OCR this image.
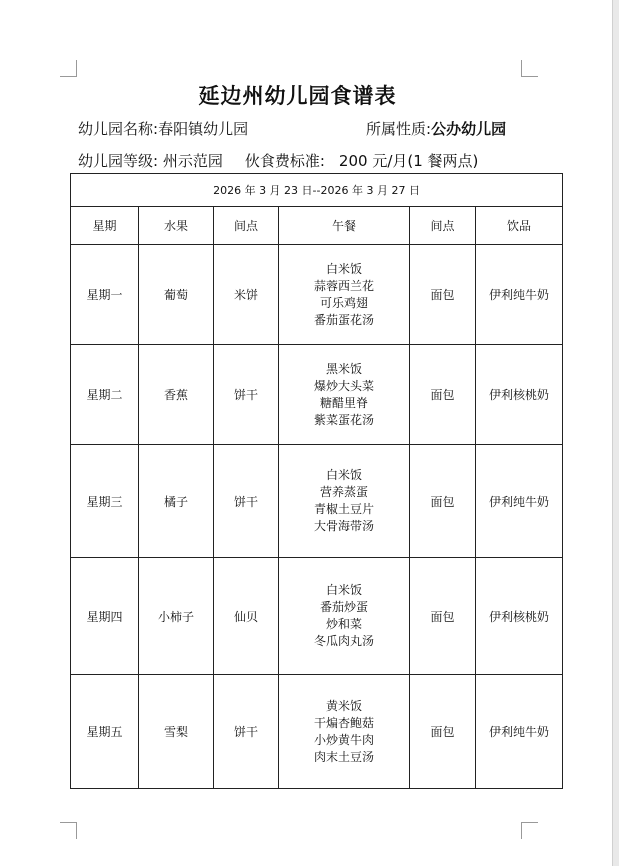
延边州幼儿园食谱表
幼儿园名称:春阳镇幼儿园	所属性质:公办幼儿园
幼儿园等级: 州示范园 伙食费标准: 200 元/月(1 餐两点)
2026 年 3 月 23 日--2026 年 3 月 27 日					
星期	水果	间点	午餐	间点	饮品
星期一	葡萄	米饼	白米饭
蒜蓉西兰花
可乐鸡翅
番茄蛋花汤	面包	伊利纯牛奶
星期二	香蕉	饼干	黑米饭
爆炒大头菜
糖醋里脊
紫菜蛋花汤	面包	伊利核桃奶
星期三	橘子	饼干	白米饭
营养蒸蛋
青椒土豆片
大骨海带汤	面包	伊利纯牛奶
星期四	小柿子	仙贝	白米饭
番茄炒蛋
炒和菜
冬瓜肉丸汤	面包	伊利核桃奶
星期五	雪梨	饼干	黄米饭
干煸杏鲍菇
小炒黄牛肉
肉末土豆汤	面包	伊利纯牛奶
